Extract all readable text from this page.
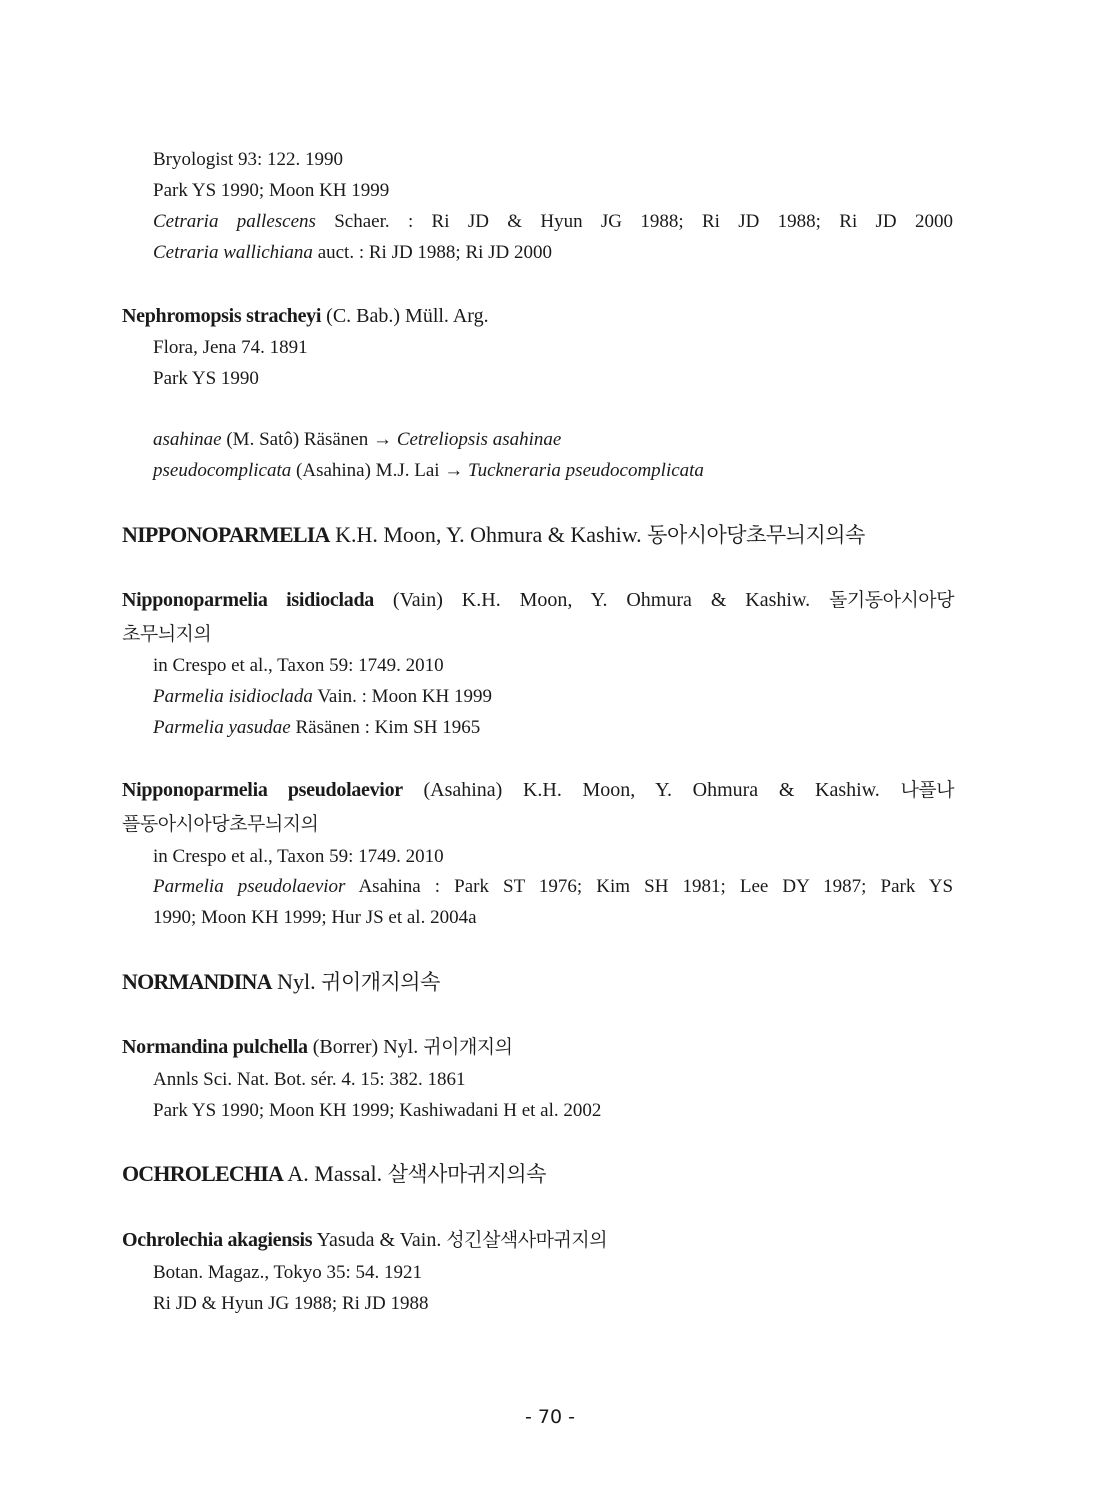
Bryologist 93: 122. 1990
Park YS 1990; Moon KH 1999
Cetraria pallescens Schaer. : Ri JD & Hyun JG 1988; Ri JD 1988; Ri JD 2000
Cetraria wallichiana auct. : Ri JD 1988; Ri JD 2000
Nephromopsis stracheyi (C. Bab.) Müll. Arg.
Flora, Jena 74. 1891
Park YS 1990
asahinae (M. Satô) Räsänen → Cetreliopsis asahinae
pseudocomplicata (Asahina) M.J. Lai → Tuckneraria pseudocomplicata
NIPPONOPARMELIA K.H. Moon, Y. Ohmura & Kashiw. 동아시아당초무늬지의속
Nipponoparmelia isidioclada (Vain) K.H. Moon, Y. Ohmura & Kashiw. 돌기동아시아당
초무늬지의
in Crespo et al., Taxon 59: 1749. 2010
Parmelia isidioclada Vain. : Moon KH 1999
Parmelia yasudae Räsänen : Kim SH 1965
Nipponoparmelia pseudolaevior (Asahina) K.H. Moon, Y. Ohmura & Kashiw. 나플나
플동아시아당초무늬지의
in Crespo et al., Taxon 59: 1749. 2010
Parmelia pseudolaevior Asahina : Park ST 1976; Kim SH 1981; Lee DY 1987; Park YS
1990; Moon KH 1999; Hur JS et al. 2004a
NORMANDINA Nyl. 귀이개지의속
Normandina pulchella (Borrer) Nyl. 귀이개지의
Annls Sci. Nat. Bot. sér. 4. 15: 382. 1861
Park YS 1990; Moon KH 1999; Kashiwadani H et al. 2002
OCHROLECHIA A. Massal. 살색사마귀지의속
Ochrolechia akagiensis Yasuda & Vain. 성긴살색사마귀지의
Botan. Magaz., Tokyo 35: 54. 1921
Ri JD & Hyun JG 1988; Ri JD 1988
- 70 -
